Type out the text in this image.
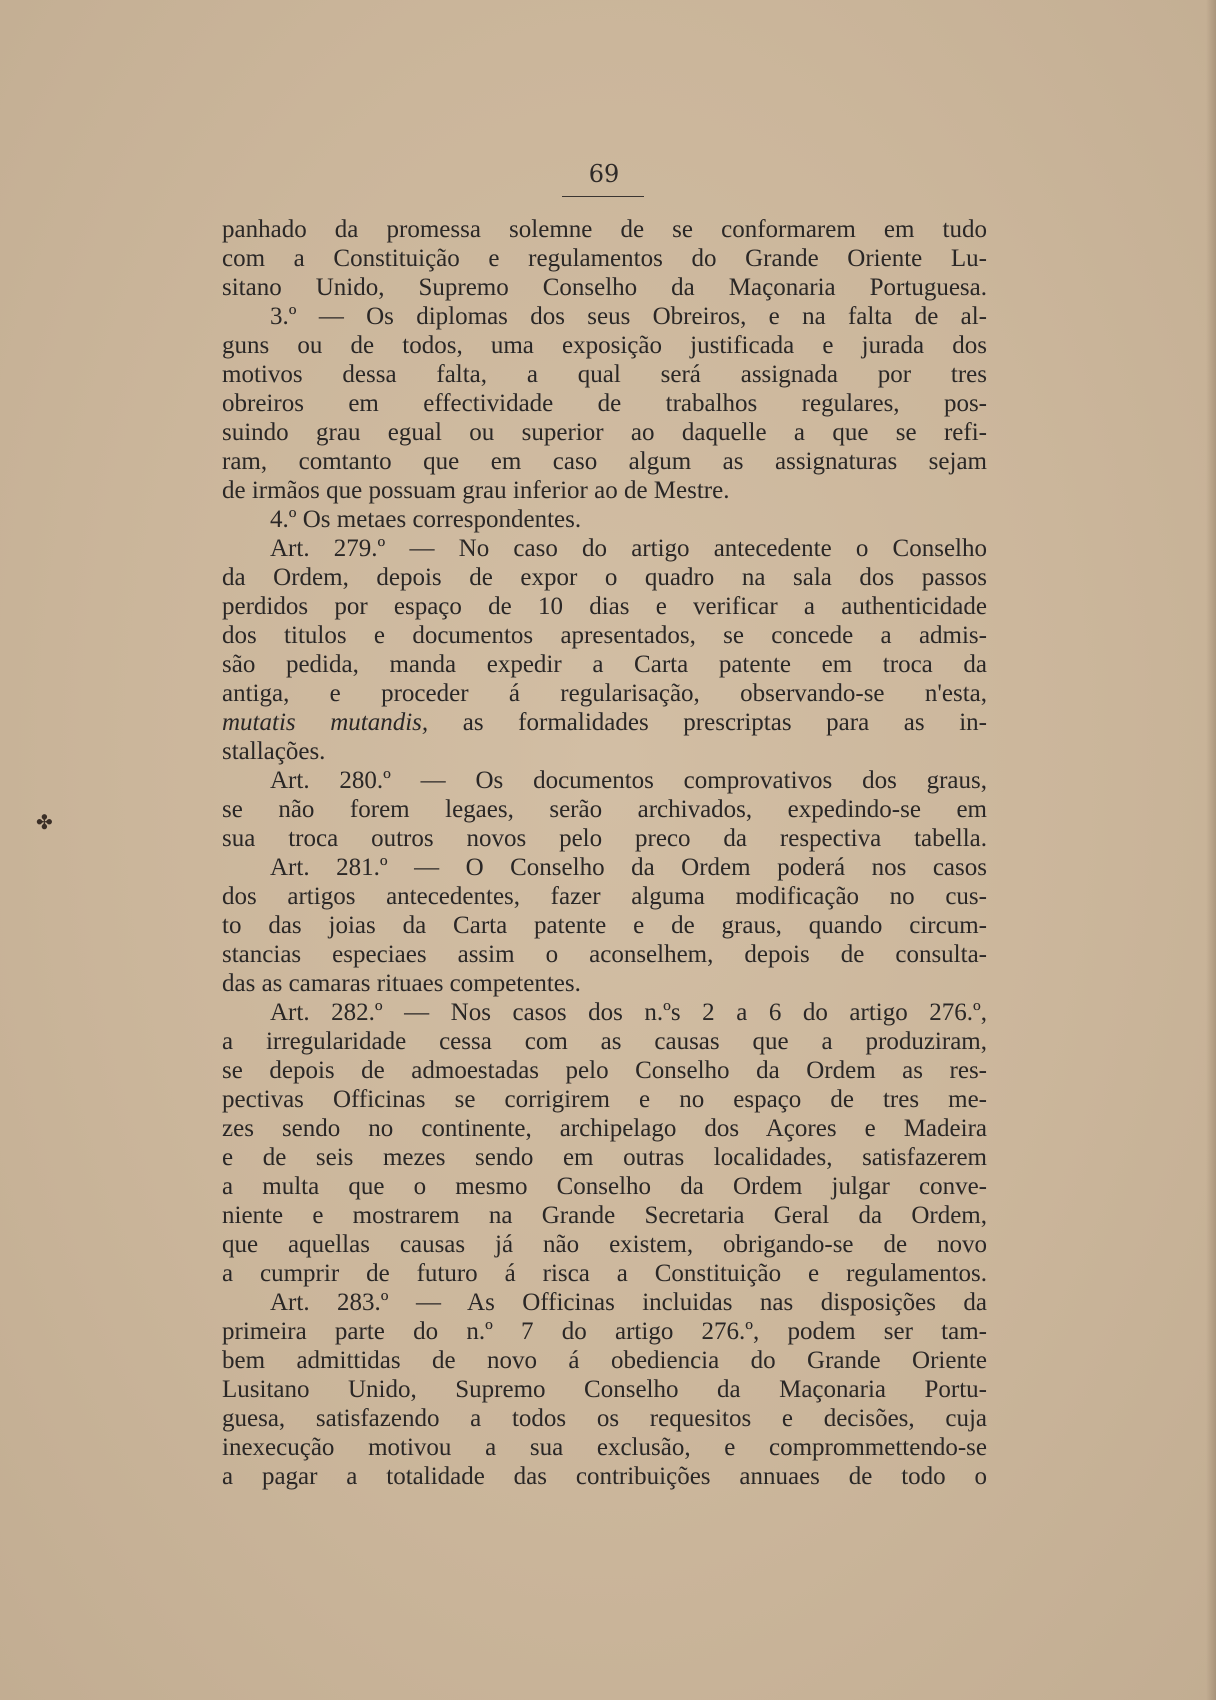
69
✤
panhado da promessa solemne de se conformarem em tudo
com a Constituição e regulamentos do Grande Oriente Lu-
sitano Unido, Supremo Conselho da Maçonaria Portuguesa.
3.º — Os diplomas dos seus Obreiros, e na falta de al-
guns ou de todos, uma exposição justificada e jurada dos
motivos dessa falta, a qual será assignada por tres
obreiros em effectividade de trabalhos regulares, pos-
suindo grau egual ou superior ao daquelle a que se refi-
ram, comtanto que em caso algum as assignaturas sejam
de irmãos que possuam grau inferior ao de Mestre.
4.º Os metaes correspondentes.
Art. 279.º — No caso do artigo antecedente o Conselho
da Ordem, depois de expor o quadro na sala dos passos
perdidos por espaço de 10 dias e verificar a authenticidade
dos titulos e documentos apresentados, se concede a admis-
são pedida, manda expedir a Carta patente em troca da
antiga, e proceder á regularisação, observando-se n'esta,
mutatis mutandis, as formalidades prescriptas para as in-
stallações.
Art. 280.º — Os documentos comprovativos dos graus,
se não forem legaes, serão archivados, expedindo-se em
sua troca outros novos pelo preco da respectiva tabella.
Art. 281.º — O Conselho da Ordem poderá nos casos
dos artigos antecedentes, fazer alguma modificação no cus-
to das joias da Carta patente e de graus, quando circum-
stancias especiaes assim o aconselhem, depois de consulta-
das as camaras rituaes competentes.
Art. 282.º — Nos casos dos n.ºs 2 a 6 do artigo 276.º,
a irregularidade cessa com as causas que a produziram,
se depois de admoestadas pelo Conselho da Ordem as res-
pectivas Officinas se corrigirem e no espaço de tres me-
zes sendo no continente, archipelago dos Açores e Madeira
e de seis mezes sendo em outras localidades, satisfazerem
a multa que o mesmo Conselho da Ordem julgar conve-
niente e mostrarem na Grande Secretaria Geral da Ordem,
que aquellas causas já não existem, obrigando-se de novo
a cumprir de futuro á risca a Constituição e regulamentos.
Art. 283.º — As Officinas incluidas nas disposições da
primeira parte do n.º 7 do artigo 276.º, podem ser tam-
bem admittidas de novo á obediencia do Grande Oriente
Lusitano Unido, Supremo Conselho da Maçonaria Portu-
guesa, satisfazendo a todos os requesitos e decisões, cuja
inexecução motivou a sua exclusão, e comprommettendo-se
a pagar a totalidade das contribuições annuaes de todo o
